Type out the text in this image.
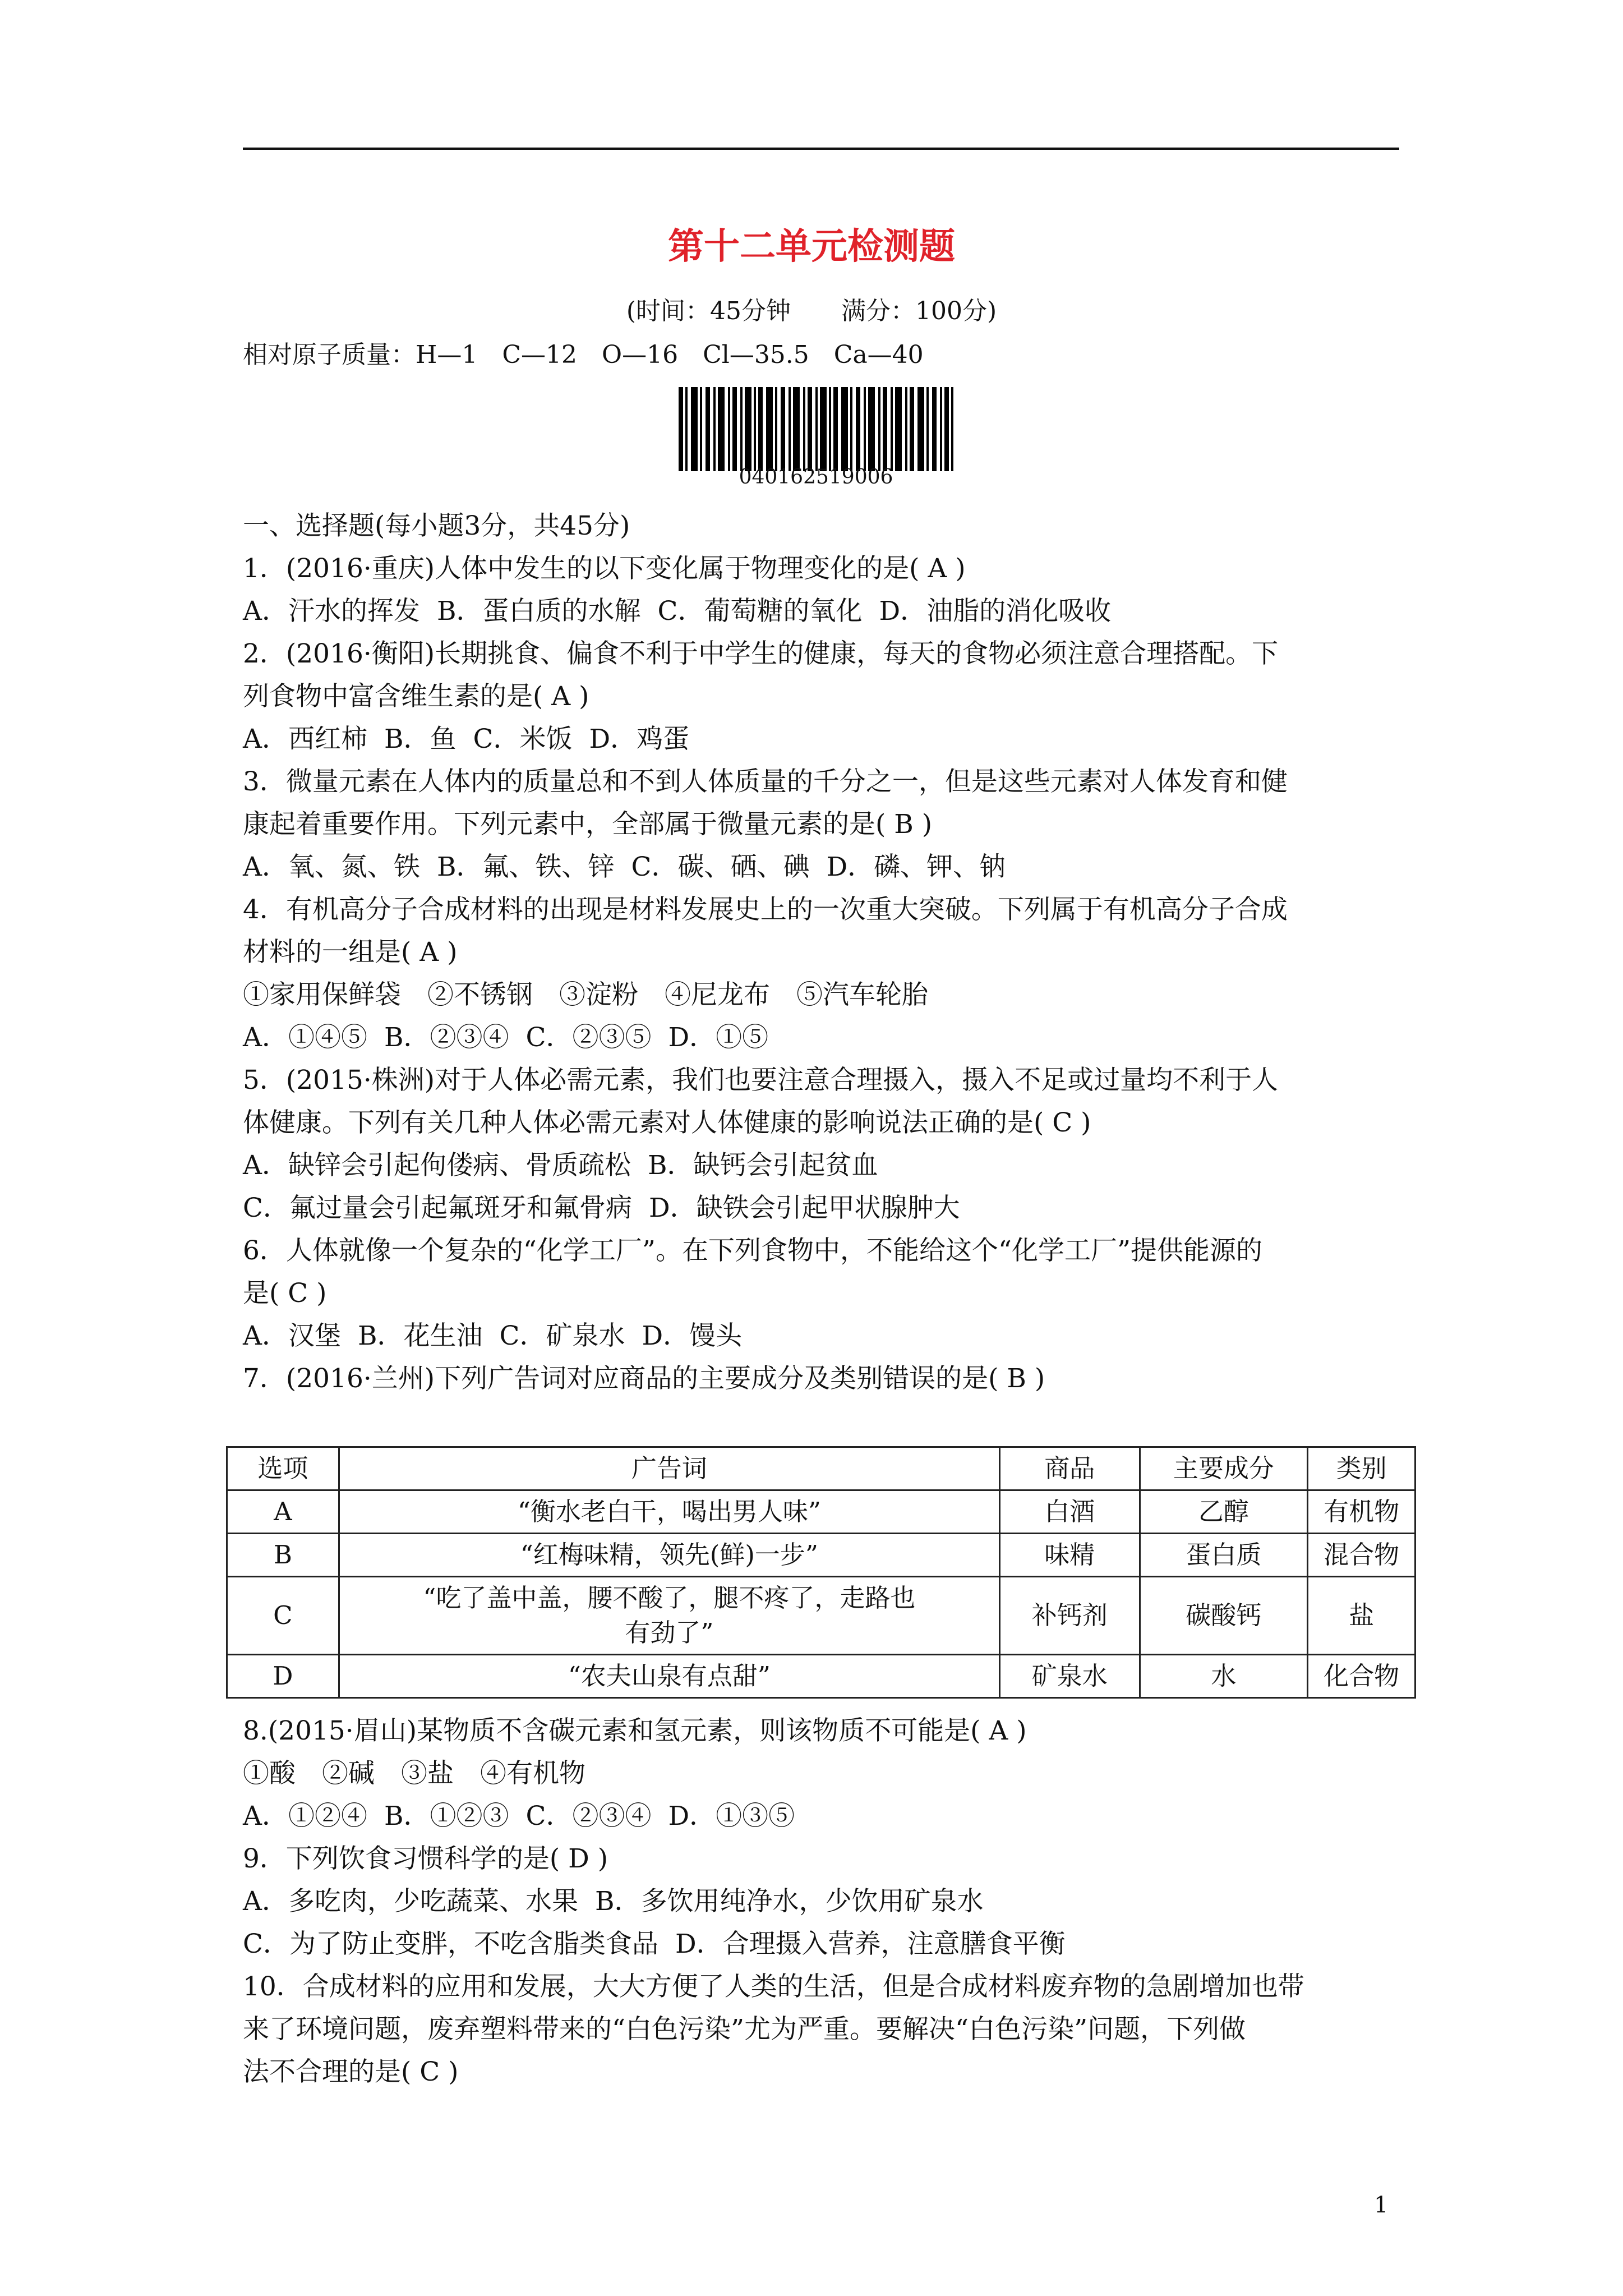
第十二单元检测题
(时间：45分钟 满分：100分)
相对原子质量：H—1　C—12　O—16　Cl—35.5　Ca—40
040162519006

一、选择题(每小题3分，共45分)

1．(2016·重庆)人体中发生的以下变化属于物理变化的是( A )

A．汗水的挥发 B．蛋白质的水解 C．葡萄糖的氧化 D．油脂的消化吸收

2．(2016·衡阳)长期挑食、偏食不利于中学生的健康，每天的食物必须注意合理搭配。下

列食物中富含维生素的是( A )

A．西红柿 B．鱼 C．米饭 D．鸡蛋

3．微量元素在人体内的质量总和不到人体质量的千分之一，但是这些元素对人体发育和健

康起着重要作用。下列元素中，全部属于微量元素的是( B )

A．氧、氮、铁 B．氟、铁、锌 C．碳、硒、碘 D．磷、钾、钠

4．有机高分子合成材料的出现是材料发展史上的一次重大突破。下列属于有机高分子合成

材料的一组是( A )

①家用保鲜袋　②不锈钢　③淀粉　④尼龙布　⑤汽车轮胎

A．①④⑤ B．②③④ C．②③⑤ D．①⑤

5．(2015·株洲)对于人体必需元素，我们也要注意合理摄入，摄入不足或过量均不利于人

体健康。下列有关几种人体必需元素对人体健康的影响说法正确的是( C )

A．缺锌会引起佝偻病、骨质疏松 B．缺钙会引起贫血

C．氟过量会引起氟斑牙和氟骨病 D．缺铁会引起甲状腺肿大

6．人体就像一个复杂的“化学工厂”。在下列食物中，不能给这个“化学工厂”提供能源的

是( C )

A．汉堡 B．花生油 C．矿泉水 D．馒头

7．(2016·兰州)下列广告词对应商品的主要成分及类别错误的是( B )

选项	广告词	商品	主要成分	类别
A	“衡水老白干，喝出男人味”	白酒	乙醇	有机物
B	“红梅味精，领先(鲜)一步”	味精	蛋白质	混合物
C	“吃了盖中盖，腰不酸了，腿不疼了，走路也
有劲了”	补钙剂	碳酸钙	盐
D	“农夫山泉有点甜”	矿泉水	水	化合物

8.(2015·眉山)某物质不含碳元素和氢元素，则该物质不可能是( A )

①酸　②碱　③盐　④有机物

A．①②④ B．①②③ C．②③④ D．①③⑤

9．下列饮食习惯科学的是( D )

A．多吃肉，少吃蔬菜、水果 B．多饮用纯净水，少饮用矿泉水

C．为了防止变胖，不吃含脂类食品 D．合理摄入营养，注意膳食平衡

10．合成材料的应用和发展，大大方便了人类的生活，但是合成材料废弃物的急剧增加也带

来了环境问题，废弃塑料带来的“白色污染”尤为严重。要解决“白色污染”问题，下列做

法不合理的是( C )

1
